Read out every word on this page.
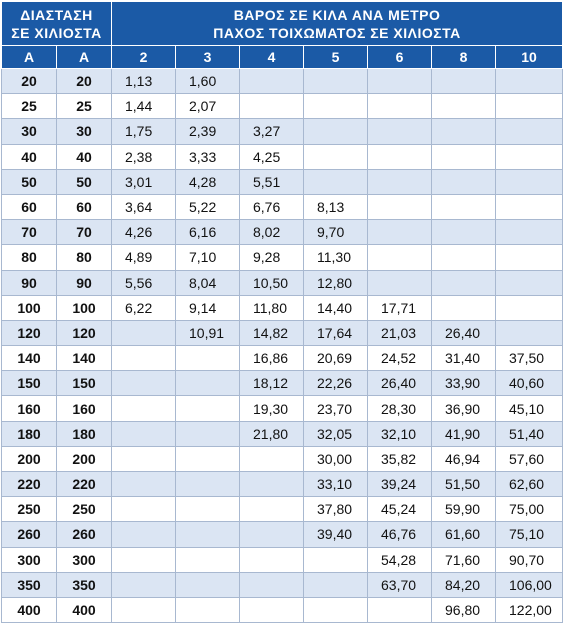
ΔΙΑΣΤΑΣΗ
ΣΕ ΧΙΛΙΟΣΤΑ		ΒΑΡΟΣ ΣΕ ΚΙΛΑ ΑΝΑ ΜΕΤΡΟ
ΠΑΧΟΣ ΤΟΙΧΩΜΑΤΟΣ ΣΕ ΧΙΛΙΟΣΤΑ						
A	A	2	3	4	5	6	8	10
20	20	1,13	1,60					
25	25	1,44	2,07					
30	30	1,75	2,39	3,27				
40	40	2,38	3,33	4,25				
50	50	3,01	4,28	5,51				
60	60	3,64	5,22	6,76	8,13			
70	70	4,26	6,16	8,02	9,70			
80	80	4,89	7,10	9,28	11,30			
90	90	5,56	8,04	10,50	12,80			
100	100	6,22	9,14	11,80	14,40	17,71		
120	120		10,91	14,82	17,64	21,03	26,40	
140	140			16,86	20,69	24,52	31,40	37,50
150	150			18,12	22,26	26,40	33,90	40,60
160	160			19,30	23,70	28,30	36,90	45,10
180	180			21,80	32,05	32,10	41,90	51,40
200	200				30,00	35,82	46,94	57,60
220	220				33,10	39,24	51,50	62,60
250	250				37,80	45,24	59,90	75,00
260	260				39,40	46,76	61,60	75,10
300	300					54,28	71,60	90,70
350	350					63,70	84,20	106,00
400	400						96,80	122,00
